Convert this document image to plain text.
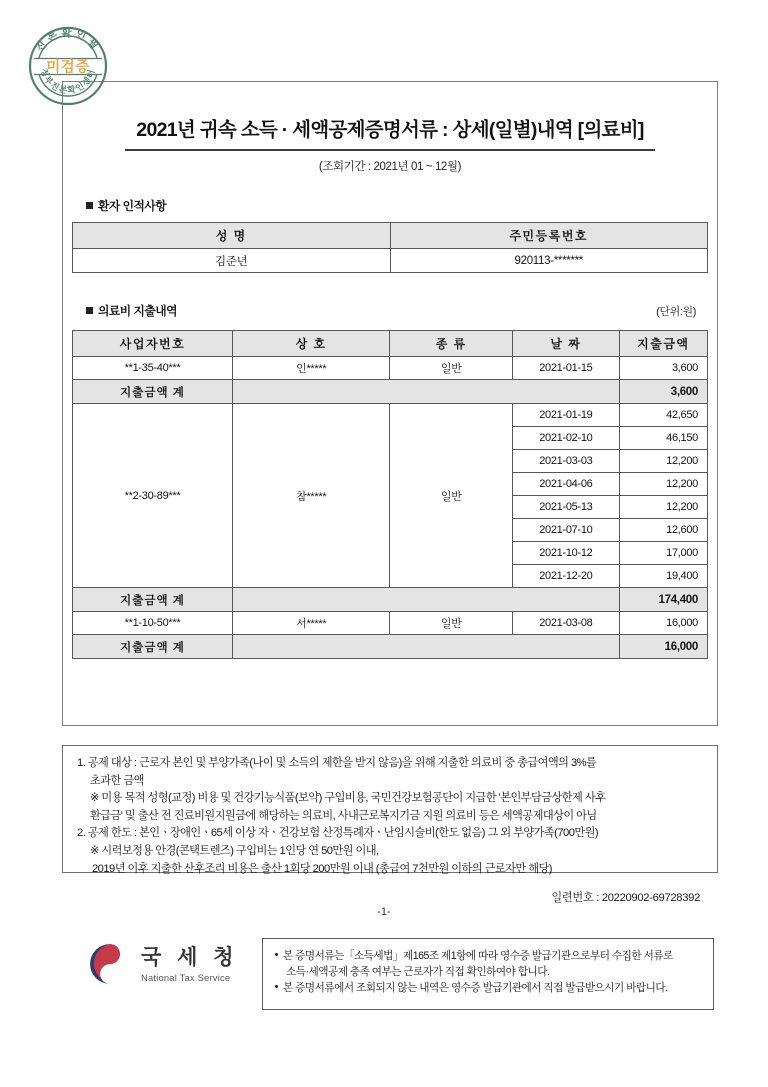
진본확인필
정부진본확인센터
미검증
2021년 귀속 소득 · 세액공제증명서류 : 상세(일별)내역 [의료비]
(조회기간 : 2021년 01 ~ 12월)
환자 인적사항
성 명	주민등록번호
김준년	920113-*******
의료비 지출내역	(단위:원)
사업자번호	상 호	종 류	날 짜	지출금액
**1-35-40***	인*****	일반	2021-01-15	3,600
지출금액 계				3,600
**2-30-89***	참*****	일반	2021-01-19	42,650
			2021-02-10	46,150
			2021-03-03	12,200
			2021-04-06	12,200
			2021-05-13	12,200
			2021-07-10	12,600
			2021-10-12	17,000
			2021-12-20	19,400
지출금액 계				174,400
**1-10-50***	서*****	일반	2021-03-08	16,000
지출금액 계				16,000
1. 공제 대상 : 근로자 본인 및 부양가족(나이 및 소득의 제한을 받지 않음)을 위해 지출한 의료비 중 총급여액의 3%를
초과한 금액
※ 미용 목적 성형(교정) 비용 및 건강기능식품(보약) 구입비용, 국민건강보험공단이 지급한 '본인부담금상한제 사후
환급금' 및 출산 전 진료비원지원금에 해당하는 의료비, 사내근로복지기금 지원 의료비 등은 세액공제대상이 아님
2. 공제 한도 : 본인ㆍ장애인ㆍ65세 이상 자ㆍ건강보험 산정특례자ㆍ난임시술비(한도 없음) 그 외 부양가족(700만원)
※ 시력보정용 안경(콘택트렌즈) 구입비는 1인당 연 50만원 이내,
2019년 이후 지출한 산후조리 비용은 출산 1회당 200만원 이내 (총급여 7천만원 이하의 근로자만 해당)
일련번호 : 20220902-69728392
-1-
국 세 청
National Tax Service
본 증명서류는「소득세법」제165조 제1항에 따라 영수증 발급기관으로부터 수집한 서류로
소득·세액공제 충족 여부는 근로자가 직접 확인하여야 합니다.
본 증명서류에서 조회되지 않는 내역은 영수증 발급기관에서 직접 발급받으시기 바랍니다.
